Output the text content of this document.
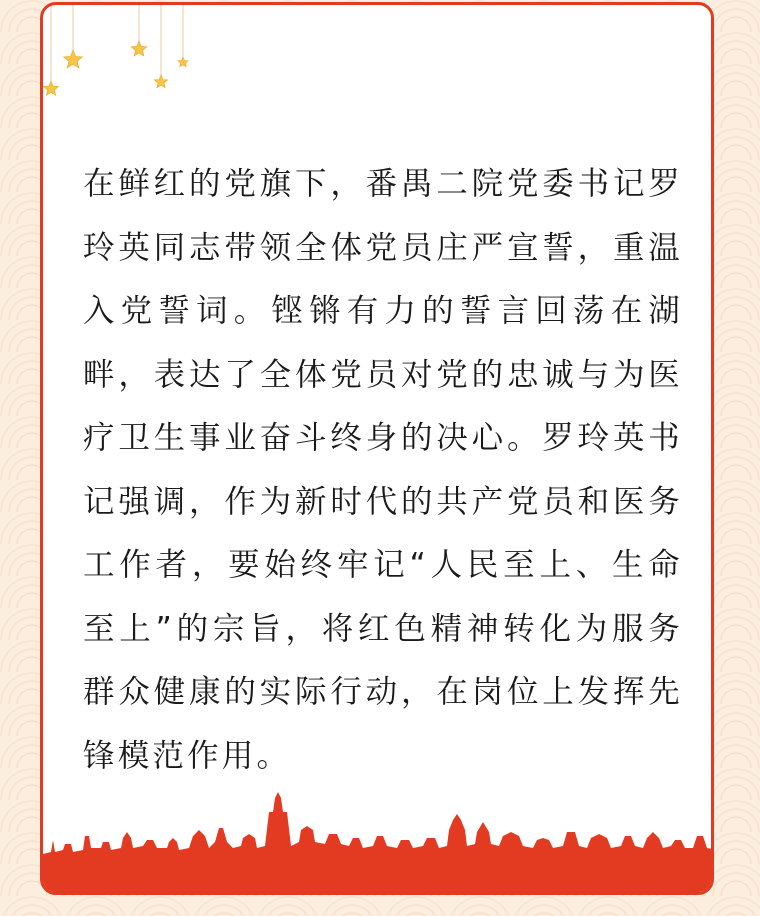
在鲜红的党旗下，番禺二院党委书记罗玲英同志带领全体党员庄严宣誓，重温入党誓词。铿锵有力的誓言回荡在湖畔，表达了全体党员对党的忠诚与为医疗卫生事业奋斗终身的决心。罗玲英书记强调，作为新时代的共产党员和医务工作者，要始终牢记“人民至上、生命至上”的宗旨，将红色精神转化为服务群众健康的实际行动，在岗位上发挥先锋模范作用。
